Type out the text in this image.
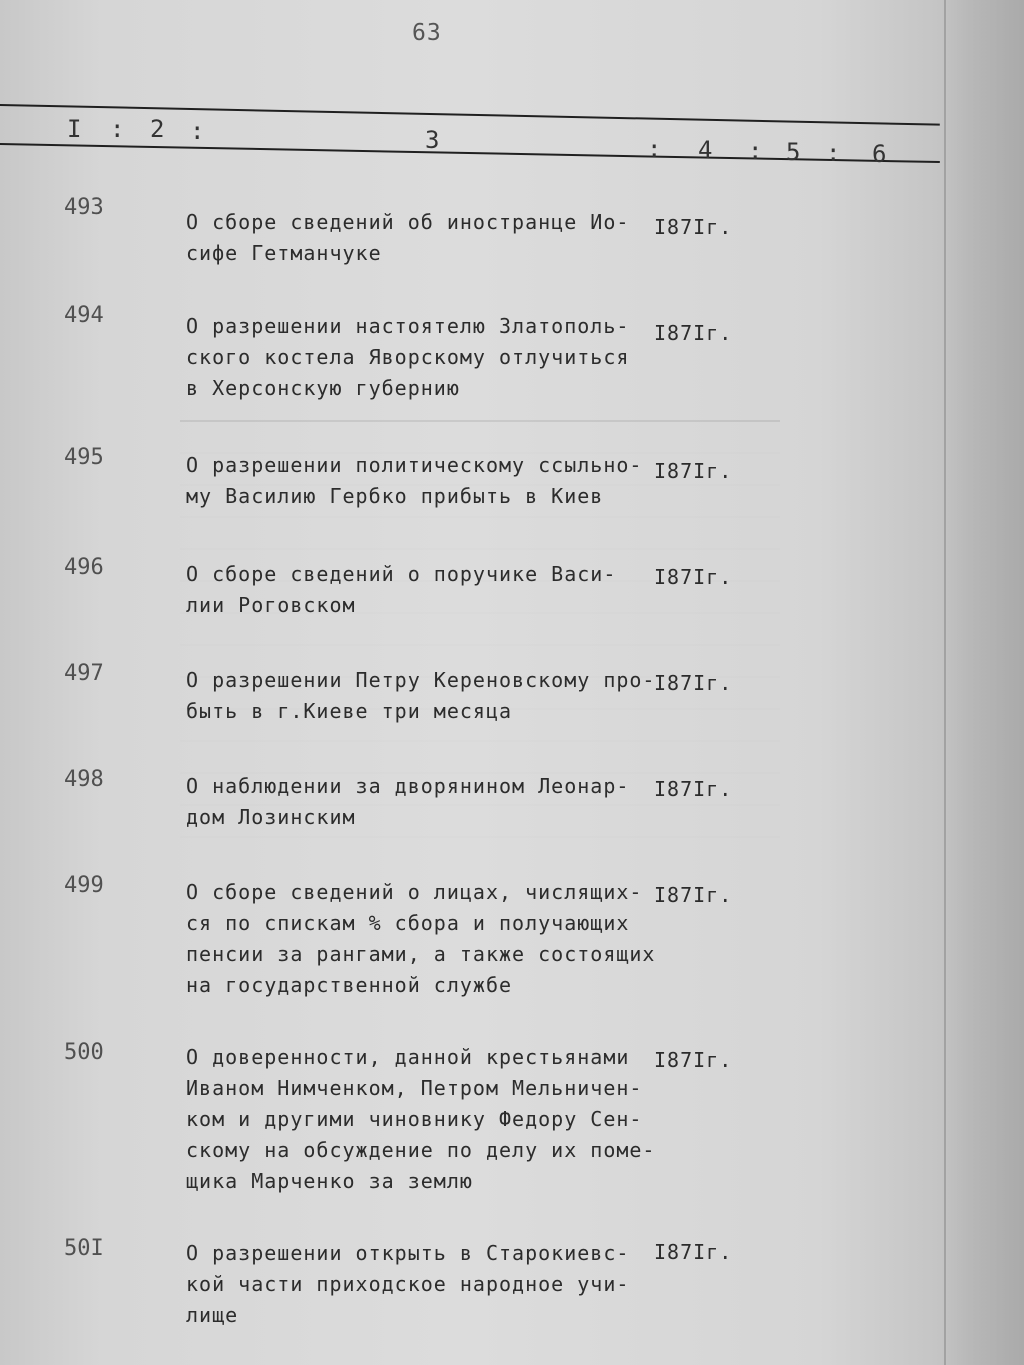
63
I : 2 :	3	: 4 : 5 : 6
493
О сборе сведений об иностранце Ио-
сифе Гетманчуке
I87Iг.
494	О разрешении настоятелю Златополь-
ского костела Яворскому отлучиться
в Херсонскую губернию
I87Iг.
495	О разрешении политическому ссыльно-
му Василию Гербко прибыть в Киев
I87Iг.
496	О сборе сведений о поручике Васи-
лии Роговском
I87Iг.
497	О разрешении Петру Кереновскому про-
быть в г.Киеве три месяца
I87Iг.
498	О наблюдении за дворянином Леонар-
дом Лозинским
I87Iг.
499	О сборе сведений о лицах, числящих-
ся по спискам % сбора и получающих
пенсии за рангами, а также состоящих
на государственной службе
I87Iг.
500	О доверенности, данной крестьянами
Иваном Нимченком, Петром Мельничен-
ком и другими чиновнику Федору Сен-
скому на обсуждение по делу их поме-
щика Марченко за землю
I87Iг.
50I	О разрешении открыть в Старокиевс-
кой части приходское народное учи-
лище
I87Iг.
